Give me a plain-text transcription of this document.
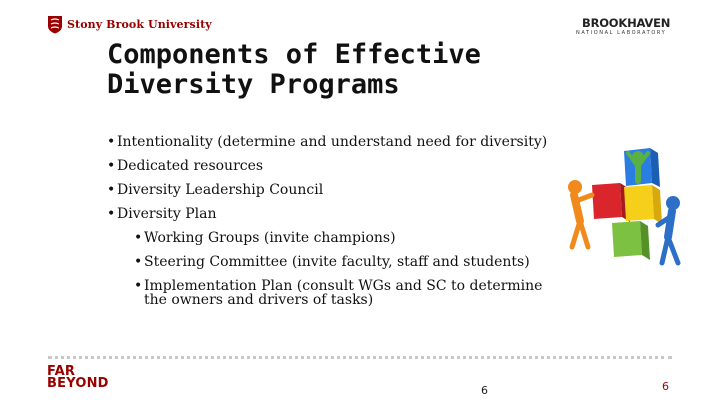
Stony Brook University	BROOKHAVEN
NATIONAL LABORATORY
Components of Effective
Diversity Programs
• Intentionality (determine and understand need for diversity)
• Dedicated resources
• Diversity Leadership Council
• Diversity Plan
• Working Groups (invite champions)
• Steering Committee (invite faculty, staff and students)
• Implementation Plan (consult WGs and SC to determine
the owners and drivers of tasks)
FAR
BEYOND	6	6
